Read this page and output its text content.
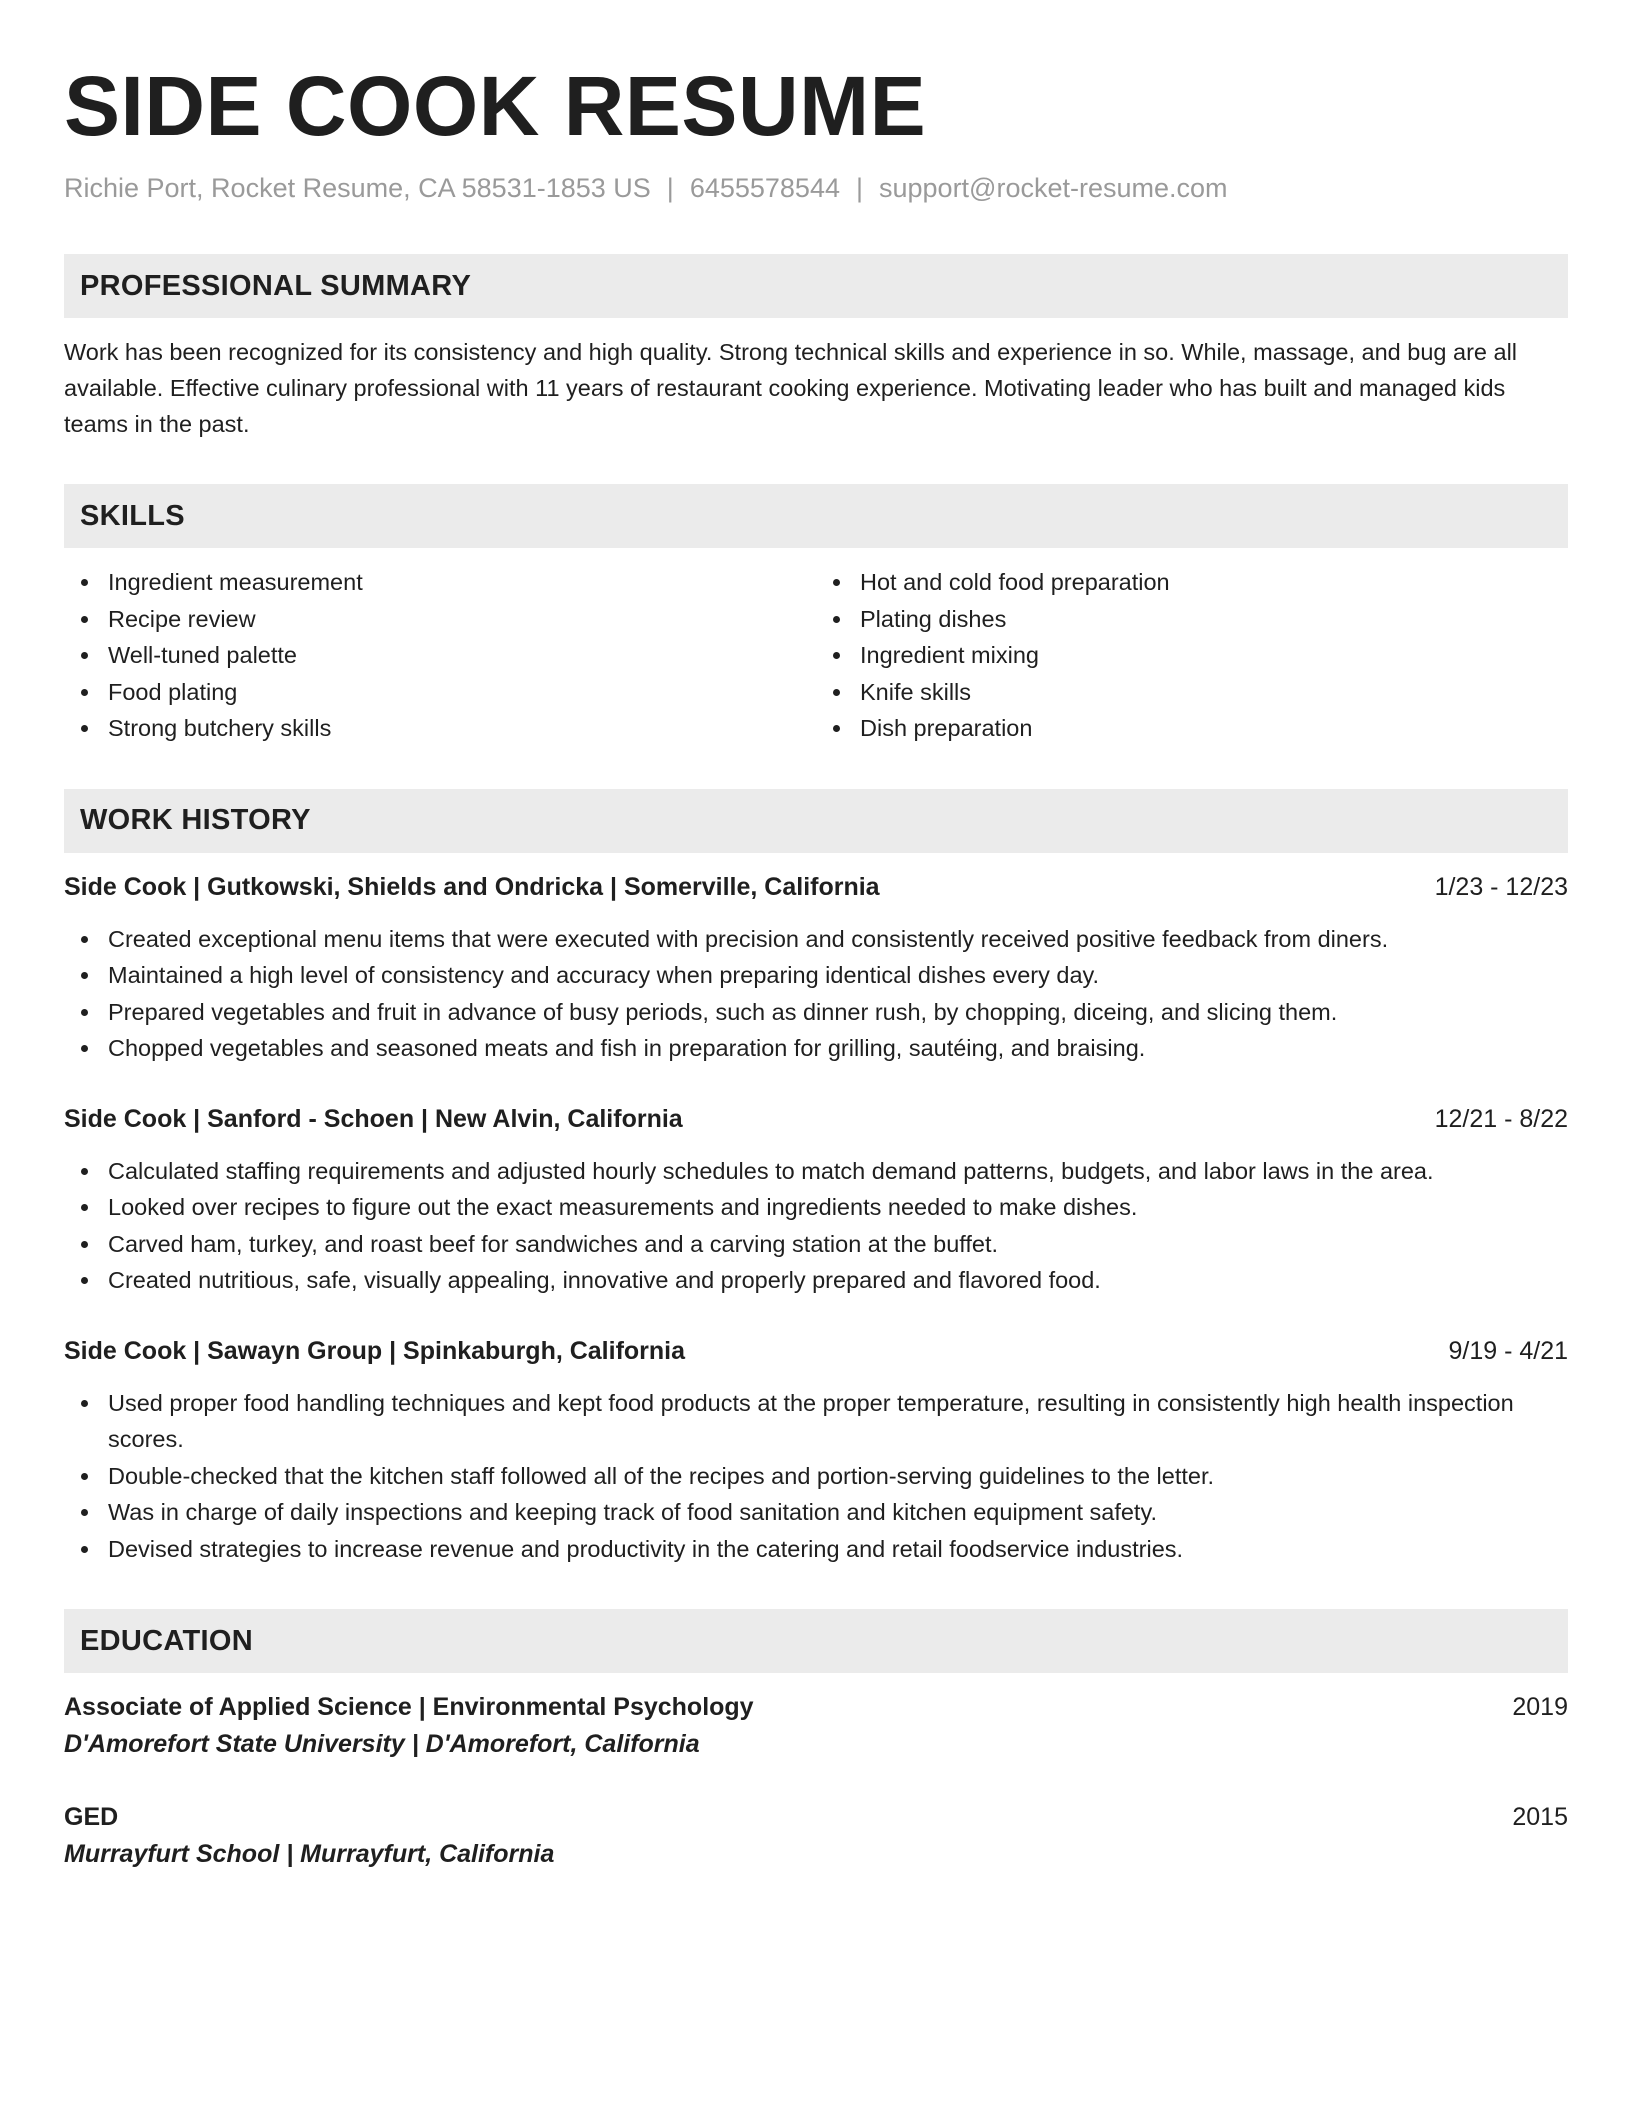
SIDE COOK RESUME
Richie Port, Rocket Resume, CA 58531-1853 US | 6455578544 | support@rocket-resume.com
PROFESSIONAL SUMMARY

Work has been recognized for its consistency and high quality. Strong technical skills and experience in so. While, massage, and bug are all available. Effective culinary professional with 11 years of restaurant cooking experience. Motivating leader who has built and managed kids teams in the past.

SKILLS
Ingredient measurement
Recipe review
Well-tuned palette
Food plating
Strong butchery skills
Hot and cold food preparation
Plating dishes
Ingredient mixing
Knife skills
Dish preparation
WORK HISTORY
Side Cook | Gutkowski, Shields and Ondricka | Somerville, California	1/23 - 12/23
Created exceptional menu items that were executed with precision and consistently received positive feedback from diners.
Maintained a high level of consistency and accuracy when preparing identical dishes every day.
Prepared vegetables and fruit in advance of busy periods, such as dinner rush, by chopping, diceing, and slicing them.
Chopped vegetables and seasoned meats and fish in preparation for grilling, sautéing, and braising.
Side Cook | Sanford - Schoen | New Alvin, California	12/21 - 8/22
Calculated staffing requirements and adjusted hourly schedules to match demand patterns, budgets, and labor laws in the area.
Looked over recipes to figure out the exact measurements and ingredients needed to make dishes.
Carved ham, turkey, and roast beef for sandwiches and a carving station at the buffet.
Created nutritious, safe, visually appealing, innovative and properly prepared and flavored food.
Side Cook | Sawayn Group | Spinkaburgh, California	9/19 - 4/21
Used proper food handling techniques and kept food products at the proper temperature, resulting in consistently high health inspection scores.
Double-checked that the kitchen staff followed all of the recipes and portion-serving guidelines to the letter.
Was in charge of daily inspections and keeping track of food sanitation and kitchen equipment safety.
Devised strategies to increase revenue and productivity in the catering and retail foodservice industries.
EDUCATION
Associate of Applied Science | Environmental Psychology	2019
D'Amorefort State University | D'Amorefort, California
GED	2015
Murrayfurt School | Murrayfurt, California
